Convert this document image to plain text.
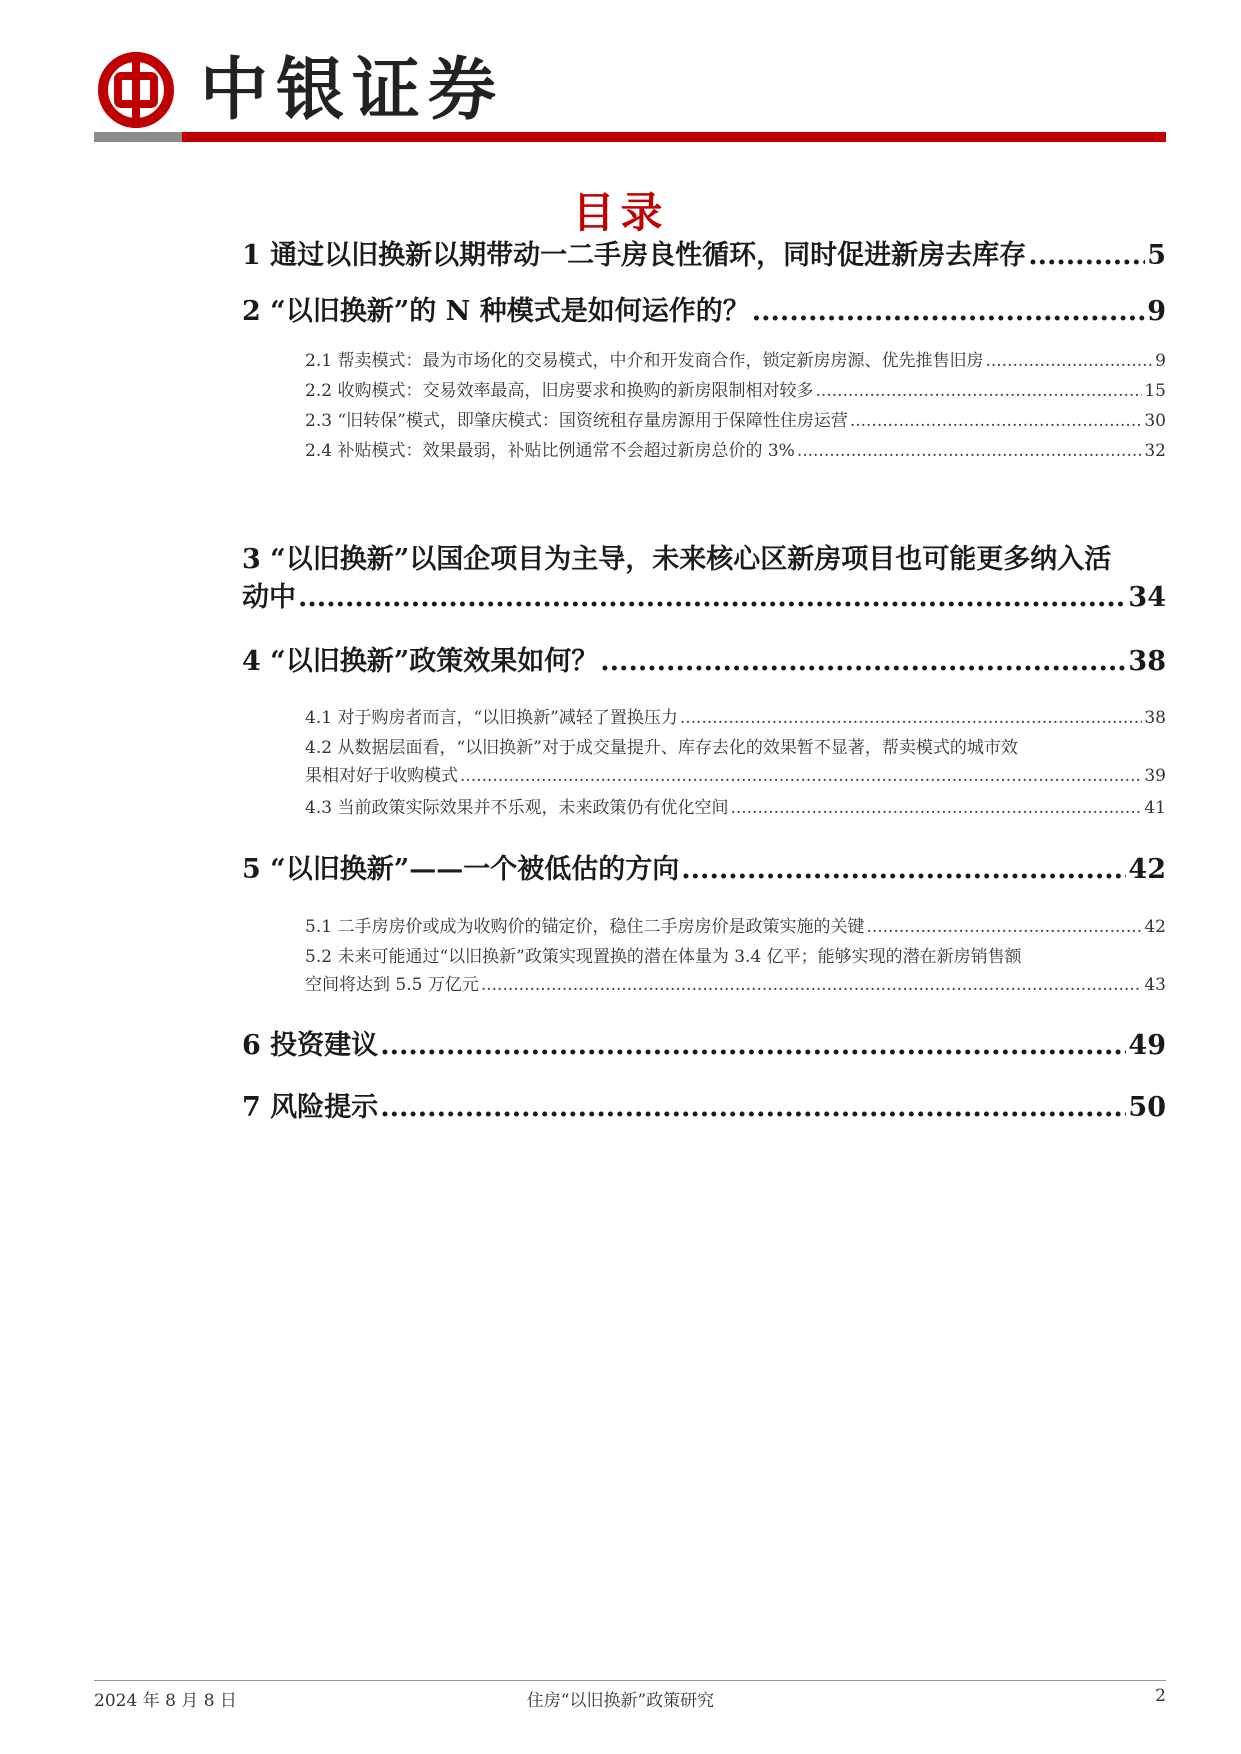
中银证券
目录
1 通过以旧换新以期带动一二手房良性循环，同时促进新房去库存 .....	5
2 “以旧换新”的 N 种模式是如何运作的？ .....	9
2.1 帮卖模式：最为市场化的交易模式，中介和开发商合作，锁定新房房源、优先推售旧房 .....	9
2.2 收购模式：交易效率最高，旧房要求和换购的新房限制相对较多 .....	15
2.3 “旧转保”模式，即肇庆模式：国资统租存量房源用于保障性住房运营 .....	30
2.4 补贴模式：效果最弱，补贴比例通常不会超过新房总价的 3% .....	32
3 “以旧换新”以国企项目为主导，未来核心区新房项目也可能更多纳入活
动中 .....	34
4 “以旧换新”政策效果如何？ .....	38
4.1 对于购房者而言，“以旧换新”减轻了置换压力 .....	38
4.2 从数据层面看，“以旧换新”对于成交量提升、库存去化的效果暂不显著，帮卖模式的城市效
果相对好于收购模式 .....	39
4.3 当前政策实际效果并不乐观，未来政策仍有优化空间 .....	41
5 “以旧换新”——一个被低估的方向 .....	42
5.1 二手房房价或成为收购价的锚定价，稳住二手房房价是政策实施的关键 .....	42
5.2 未来可能通过“以旧换新”政策实现置换的潜在体量为 3.4 亿平；能够实现的潜在新房销售额
空间将达到 5.5 万亿元 .....	43
6 投资建议 .....	49
7 风险提示 .....	50
2024 年 8 月 8 日	住房“以旧换新”政策研究	2
